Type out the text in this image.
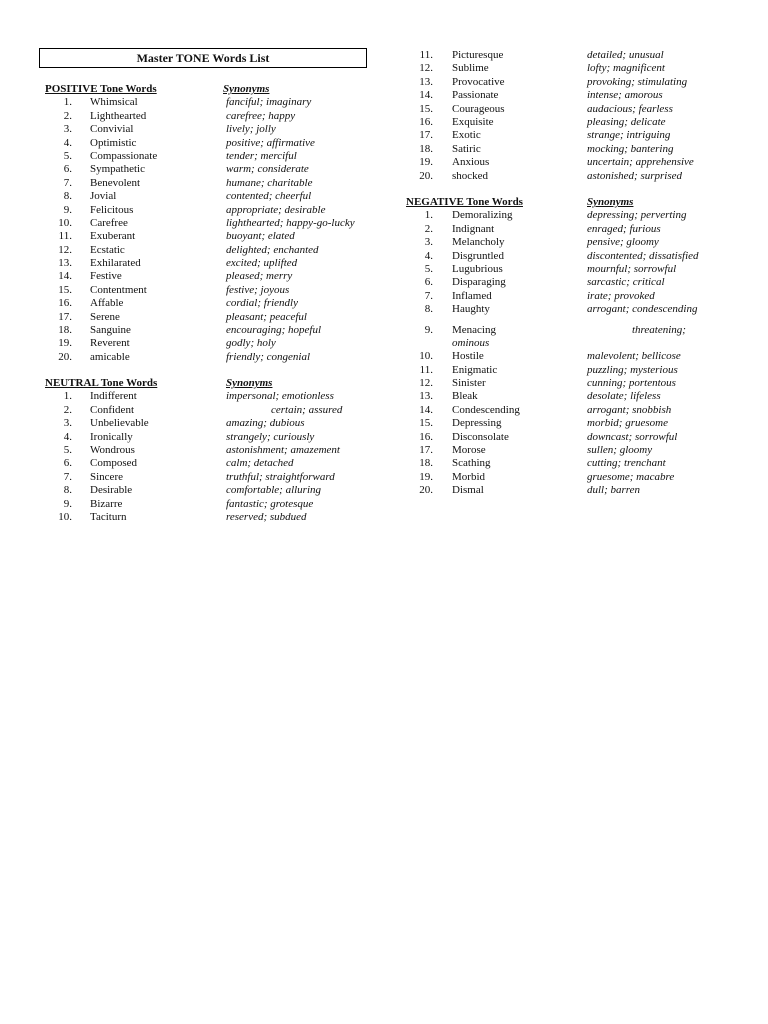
Master TONE Words List
POSITIVE Tone Words	Synonyms
1. Whimsical	fanciful; imaginary
2. Lighthearted	carefree; happy
3. Convivial	lively; jolly
4. Optimistic	positive; affirmative
5. Compassionate	tender; merciful
6. Sympathetic	warm; considerate
7. Benevolent	humane; charitable
8. Jovial	contented; cheerful
9. Felicitous	appropriate; desirable
10. Carefree	lighthearted; happy-go-lucky
11. Exuberant	buoyant; elated
12. Ecstatic	delighted; enchanted
13. Exhilarated	excited; uplifted
14. Festive	pleased; merry
15. Contentment	festive; joyous
16. Affable	cordial; friendly
17. Serene	pleasant; peaceful
18. Sanguine	encouraging; hopeful
19. Reverent	godly; holy
20. amicable	friendly; congenial
NEUTRAL Tone Words	Synonyms
1. Indifferent	impersonal; emotionless
2. Confident	certain; assured
3. Unbelievable	amazing; dubious
4. Ironically	strangely; curiously
5. Wondrous	astonishment; amazement
6. Composed	calm; detached
7. Sincere	truthful; straightforward
8. Desirable	comfortable; alluring
9. Bizarre	fantastic; grotesque
10. Taciturn	reserved; subdued
11. Picturesque	detailed; unusual
12. Sublime	lofty; magnificent
13. Provocative	provoking; stimulating
14. Passionate	intense; amorous
15. Courageous	audacious; fearless
16. Exquisite	pleasing; delicate
17. Exotic	strange; intriguing
18. Satiric	mocking; bantering
19. Anxious	uncertain; apprehensive
20. shocked	astonished; surprised
NEGATIVE Tone Words	Synonyms
1. Demoralizing	depressing; perverting
2. Indignant	enraged; furious
3. Melancholy	pensive; gloomy
4. Disgruntled	discontented; dissatisfied
5. Lugubrious	mournful; sorrowful
6. Disparaging	sarcastic; critical
7. Inflamed	irate; provoked
8. Haughty	arrogant; condescending
9. Menacing	threatening;
ominous
10. Hostile	malevolent; bellicose
11. Enigmatic	puzzling; mysterious
12. Sinister	cunning; portentous
13. Bleak	desolate; lifeless
14. Condescending	arrogant; snobbish
15. Depressing	morbid; gruesome
16. Disconsolate	downcast; sorrowful
17. Morose	sullen; gloomy
18. Scathing	cutting; trenchant
19. Morbid	gruesome; macabre
20. Dismal	dull; barren
